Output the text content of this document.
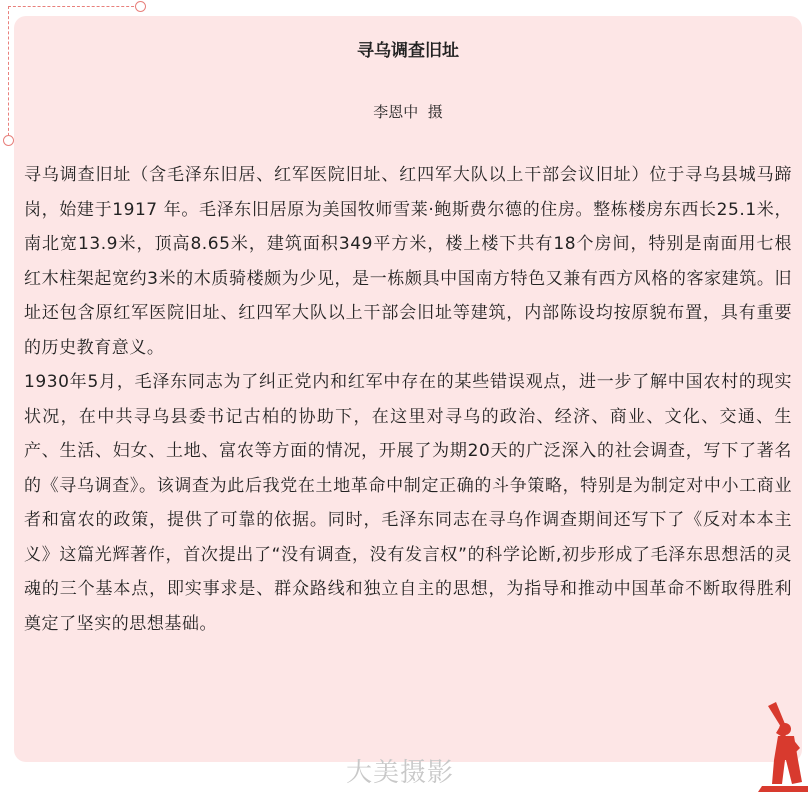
寻乌调查旧址
李恩中  摄

寻乌调查旧址（含毛泽东旧居、红军医院旧址、红四军大队以上干部会议旧址）位于寻乌县城马蹄岗，始建于1917 年。毛泽东旧居原为美国牧师雪莱·鲍斯费尔德的住房。整栋楼房东西长25.1米，南北宽13.9米，顶高8.65米，建筑面积349平方米，楼上楼下共有18个房间，特别是南面用七根红木柱架起宽约3米的木质骑楼颇为少见，是一栋颇具中国南方特色又兼有西方风格的客家建筑。旧址还包含原红军医院旧址、红四军大队以上干部会旧址等建筑，内部陈设均按原貌布置，具有重要的历史教育意义。

1930年5月，毛泽东同志为了纠正党内和红军中存在的某些错误观点，进一步了解中国农村的现实状况，在中共寻乌县委书记古柏的协助下，在这里对寻乌的政治、经济、商业、文化、交通、生产、生活、妇女、土地、富农等方面的情况，开展了为期20天的广泛深入的社会调查，写下了著名的《寻乌调查》。该调查为此后我党在土地革命中制定正确的斗争策略，特别是为制定对中小工商业者和富农的政策，提供了可靠的依据。同时，毛泽东同志在寻乌作调查期间还写下了《反对本本主义》这篇光辉著作，首次提出了“没有调查，没有发言权”的科学论断,初步形成了毛泽东思想活的灵魂的三个基本点，即实事求是、群众路线和独立自主的思想，为指导和推动中国革命不断取得胜利奠定了坚实的思想基础。

大美摄影
